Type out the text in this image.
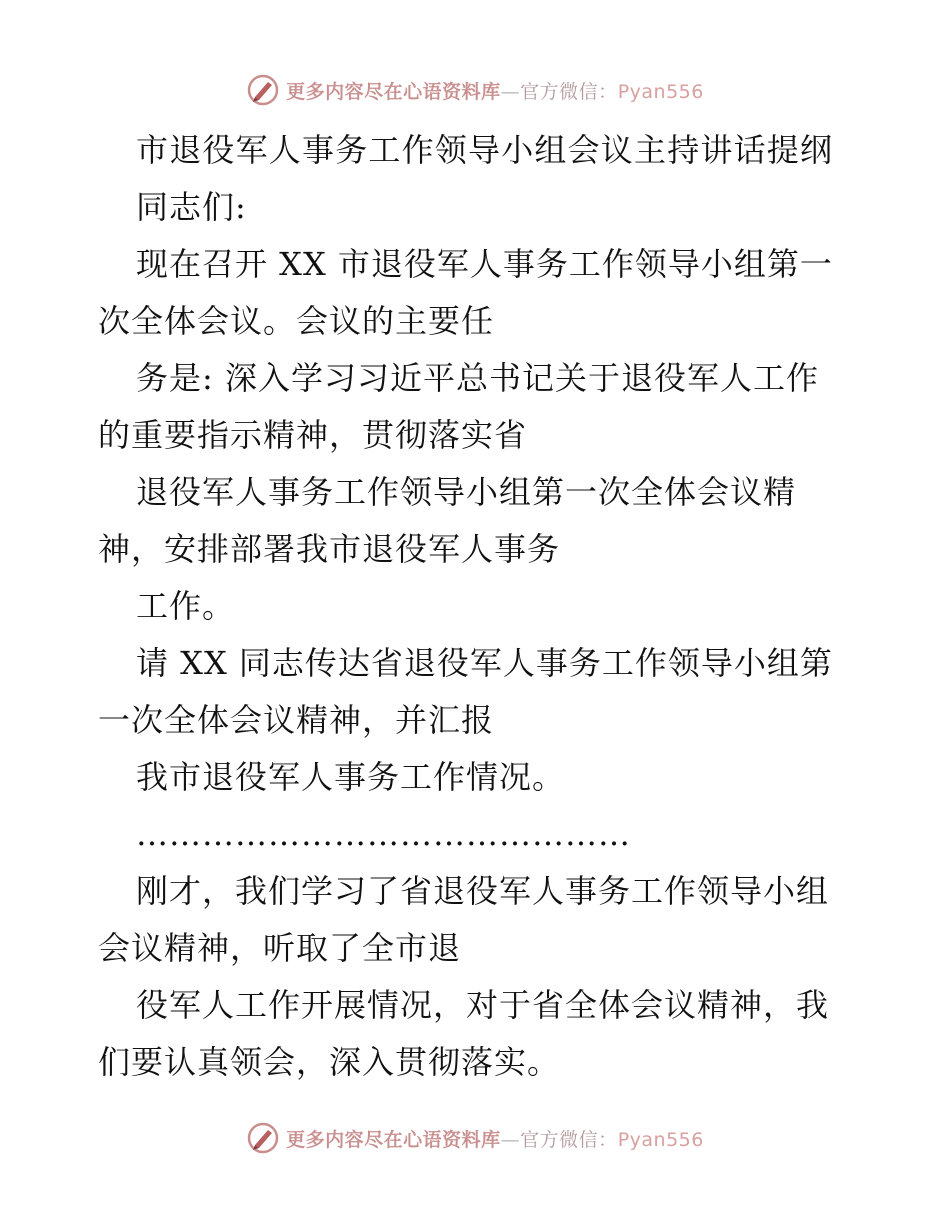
更多内容尽在心语资料库—官方微信：Pyan556
市退役军人事务工作领导小组会议主持讲话提纲
同志们:
现在召开 XX 市退役军人事务工作领导小组第一
次全体会议。会议的主要任
务是: 深入学习习近平总书记关于退役军人工作
的重要指示精神，贯彻落实省
退役军人事务工作领导小组第一次全体会议精
神，安排部署我市退役军人事务
工作。
请 XX 同志传达省退役军人事务工作领导小组第
一次全体会议精神，并汇报
我市退役军人事务工作情况。
………………………………………
刚才，我们学习了省退役军人事务工作领导小组
会议精神，听取了全市退
役军人工作开展情况，对于省全体会议精神，我
们要认真领会，深入贯彻落实。
更多内容尽在心语资料库—官方微信：Pyan556
